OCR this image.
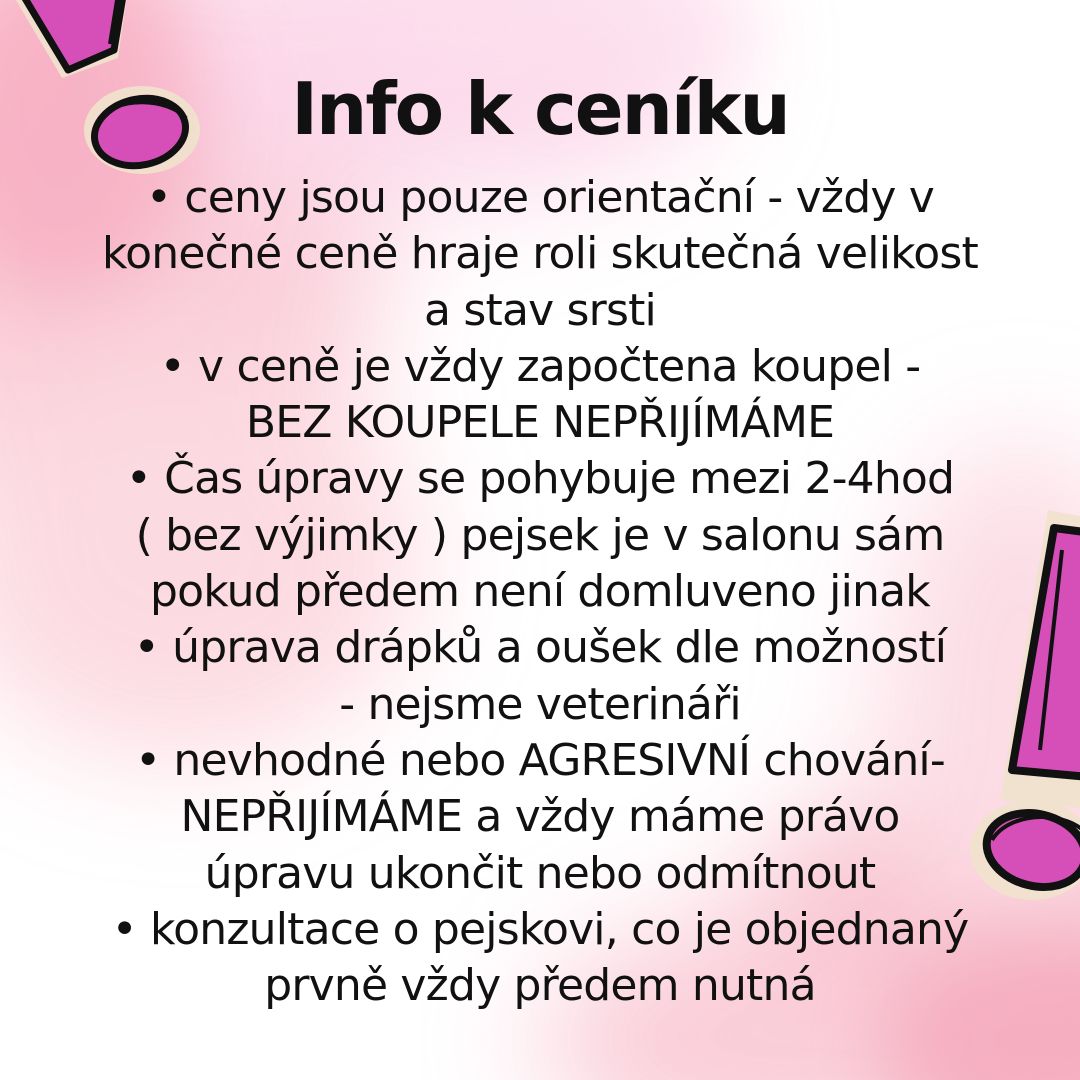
Info k ceníku
• ceny jsou pouze orientační - vždy v
konečné ceně hraje roli skutečná velikost
a stav srsti
• v ceně je vždy započtena koupel -
BEZ KOUPELE NEPŘIJÍMÁME
• Čas úpravy se pohybuje mezi 2-4hod
( bez výjimky ) pejsek je v salonu sám
pokud předem není domluveno jinak
• úprava drápků a oušek dle možností
- nejsme veterináři
• nevhodné nebo AGRESIVNÍ chování-
NEPŘIJÍMÁME a vždy máme právo
úpravu ukončit nebo odmítnout
• konzultace o pejskovi, co je objednaný
prvně vždy předem nutná
